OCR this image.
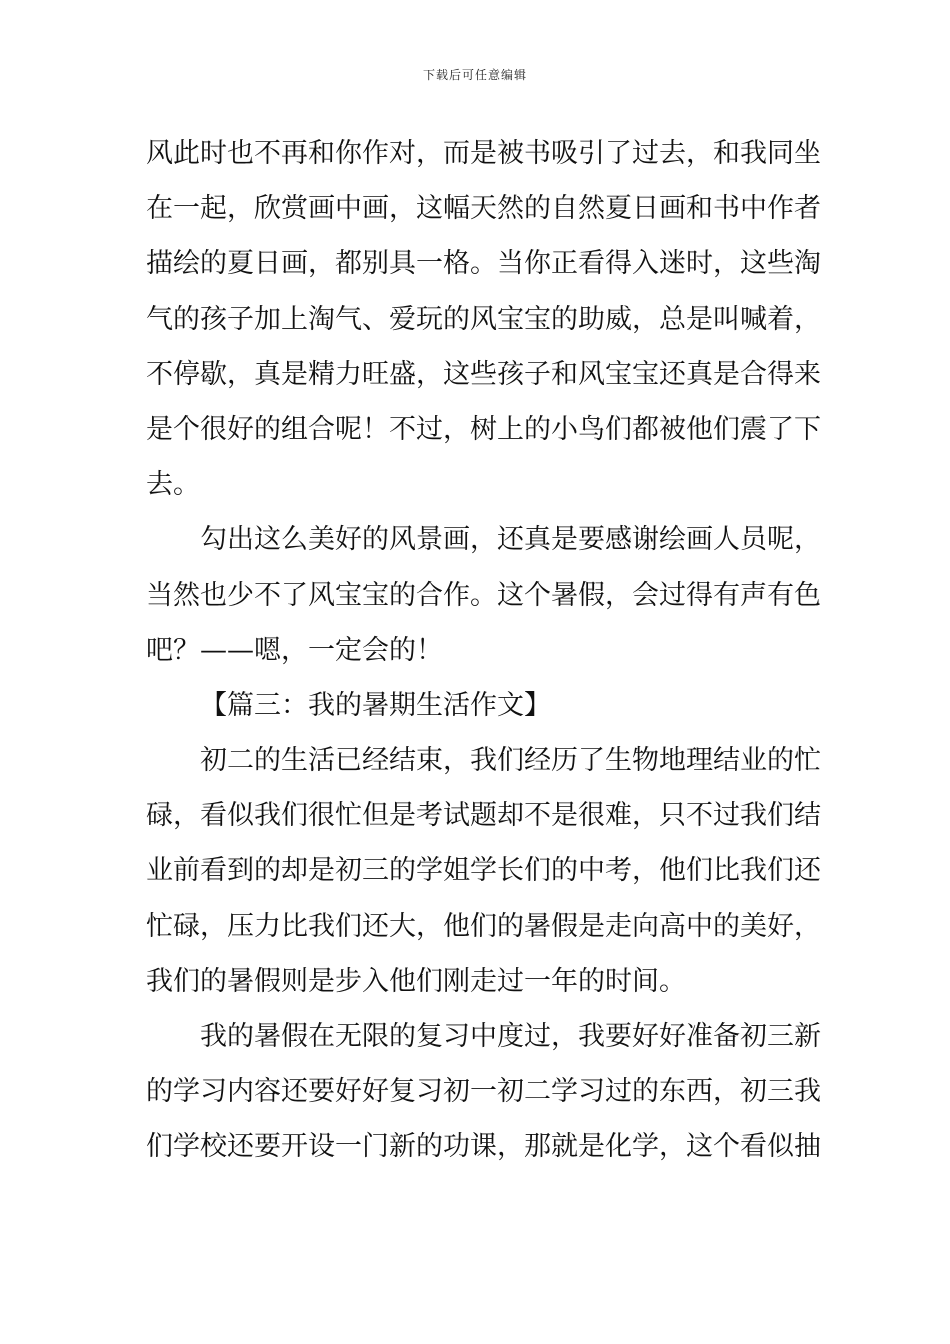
下载后可任意编辑
风此时也不再和你作对，而是被书吸引了过去，和我同坐
在一起，欣赏画中画，这幅天然的自然夏日画和书中作者
描绘的夏日画，都别具一格。当你正看得入迷时，这些淘
气的孩子加上淘气、爱玩的风宝宝的助威，总是叫喊着，
不停歇，真是精力旺盛，这些孩子和风宝宝还真是合得来
是个很好的组合呢！不过，树上的小鸟们都被他们震了下
去。
勾出这么美好的风景画，还真是要感谢绘画人员呢，
当然也少不了风宝宝的合作。这个暑假，会过得有声有色
吧？——嗯，一定会的！
【篇三：我的暑期生活作文】
初二的生活已经结束，我们经历了生物地理结业的忙
碌，看似我们很忙但是考试题却不是很难，只不过我们结
业前看到的却是初三的学姐学长们的中考，他们比我们还
忙碌，压力比我们还大，他们的暑假是走向高中的美好，
我们的暑假则是步入他们刚走过一年的时间。
我的暑假在无限的复习中度过，我要好好准备初三新
的学习内容还要好好复习初一初二学习过的东西，初三我
们学校还要开设一门新的功课，那就是化学，这个看似抽
